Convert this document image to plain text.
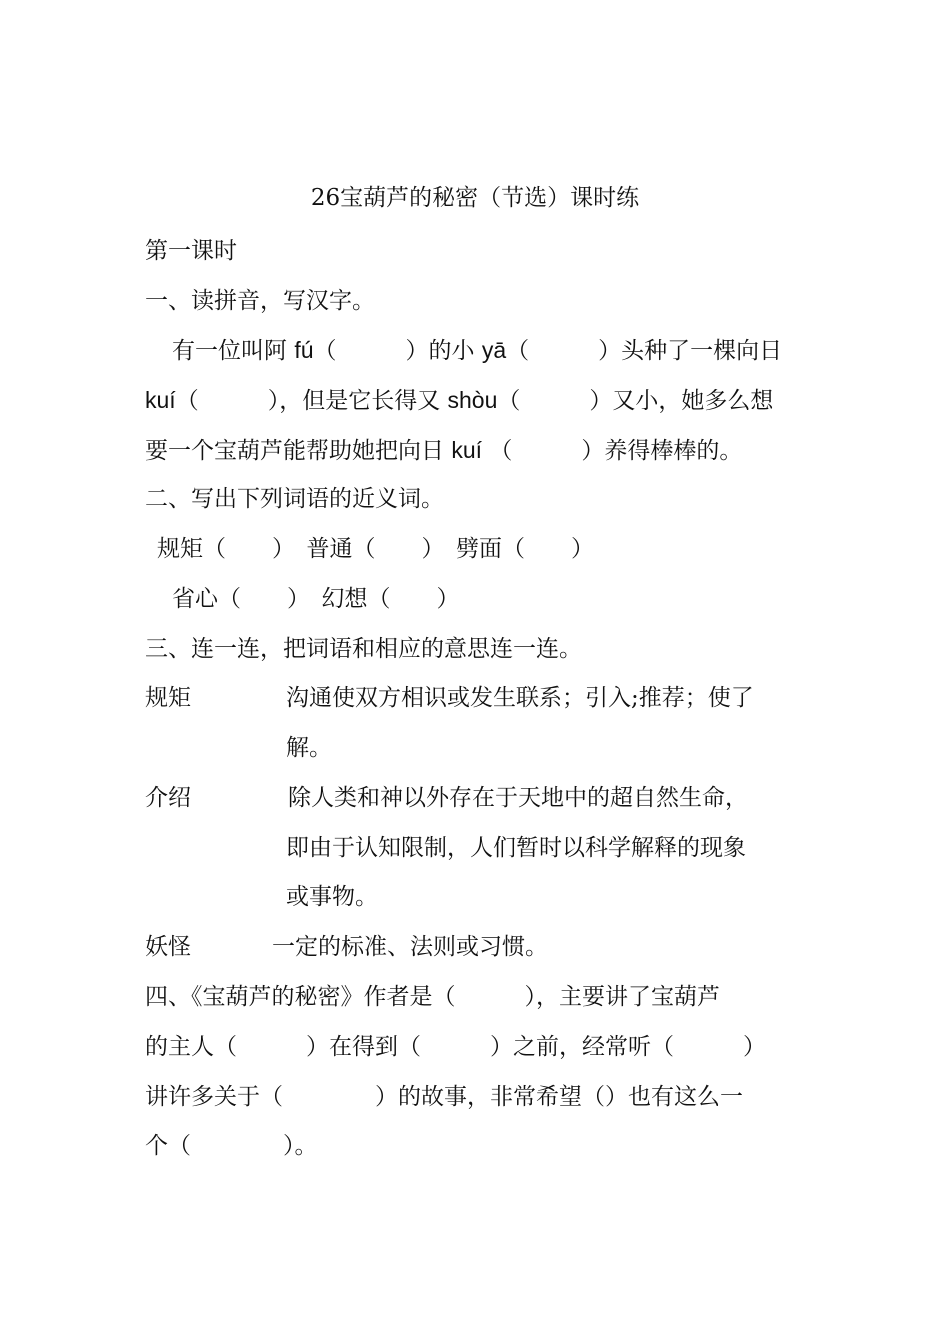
26宝葫芦的秘密（节选）课时练
第一课时
一、读拼音，写汉字。
有一位叫阿 fú（　　　）的小 yā（　　　）头种了一棵向日
kuí（　　　），但是它长得又 shòu（　　　）又小，她多么想
要一个宝葫芦能帮助她把向日 kuí （　　　）养得棒棒的。
二、写出下列词语的近义词。
规矩（　　）　普通（　　）　劈面（　　）
省心（　　）　幻想（　　）
三、连一连，把词语和相应的意思连一连。
规矩	沟通使双方相识或发生联系；引入;推荐；使了
解。
介绍	除人类和神以外存在于天地中的超自然生命，
即由于认知限制，人们暂时以科学解释的现象
或事物。
妖怪	一定的标准、法则或习惯。
四、《宝葫芦的秘密》作者是（　　　），主要讲了宝葫芦
的主人（　　　）在得到（　　　）之前，经常听（　　　）
讲许多关于（　　　　）的故事，非常希望（）也有这么一
个（　　　　）。
